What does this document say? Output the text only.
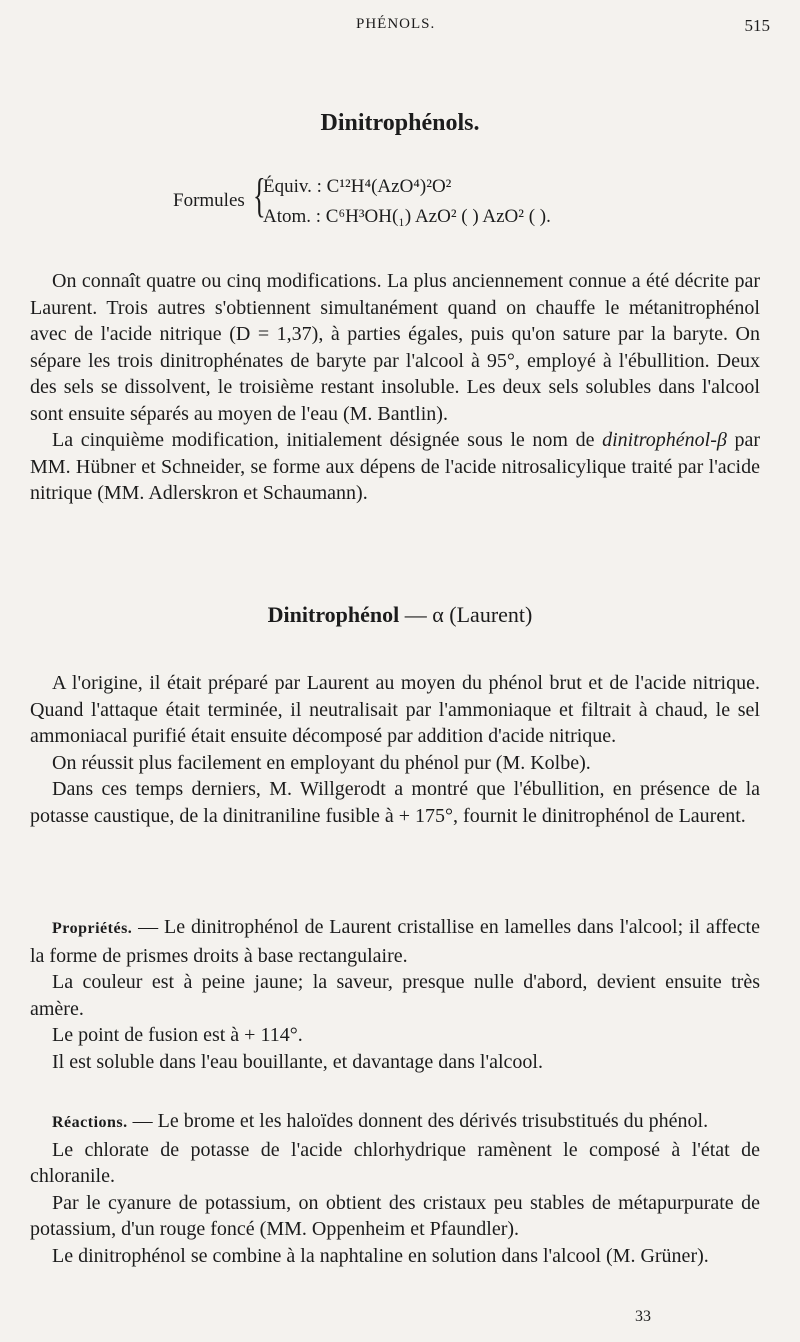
PHÉNOLS.	515
Dinitrophénols.
Formules {
Équiv. : C¹²H⁴(AzO⁴)²O²
Atom. : C⁶H³OH(₁) AzO² ( ) AzO² ( ).

On connaît quatre ou cinq modifications. La plus anciennement connue a été décrite par Laurent. Trois autres s'obtiennent simultanément quand on chauffe le métanitrophénol avec de l'acide nitrique (D = 1,37), à parties égales, puis qu'on sature par la baryte. On sépare les trois dinitrophénates de baryte par l'alcool à 95°, employé à l'ébullition. Deux des sels se dissolvent, le troisième restant insoluble. Les deux sels solubles dans l'alcool sont ensuite séparés au moyen de l'eau (M. Bantlin).

La cinquième modification, initialement désignée sous le nom de dinitrophénol-β par MM. Hübner et Schneider, se forme aux dépens de l'acide nitrosalicylique traité par l'acide nitrique (MM. Adlerskron et Schaumann).

Dinitrophénol — α (Laurent)

A l'origine, il était préparé par Laurent au moyen du phénol brut et de l'acide nitrique. Quand l'attaque était terminée, il neutralisait par l'ammoniaque et filtrait à chaud, le sel ammoniacal purifié était ensuite décomposé par addition d'acide nitrique.

On réussit plus facilement en employant du phénol pur (M. Kolbe).

Dans ces temps derniers, M. Willgerodt a montré que l'ébullition, en présence de la potasse caustique, de la dinitraniline fusible à + 175°, fournit le dinitrophénol de Laurent.

Propriétés. — Le dinitrophénol de Laurent cristallise en lamelles dans l'alcool; il affecte la forme de prismes droits à base rectangulaire.

La couleur est à peine jaune; la saveur, presque nulle d'abord, devient ensuite très amère.

Le point de fusion est à + 114°.

Il est soluble dans l'eau bouillante, et davantage dans l'alcool.

Réactions. — Le brome et les haloïdes donnent des dérivés trisubstitués du phénol.

Le chlorate de potasse de l'acide chlorhydrique ramènent le composé à l'état de chloranile.

Par le cyanure de potassium, on obtient des cristaux peu stables de métapurpurate de potassium, d'un rouge foncé (MM. Oppenheim et Pfaundler).

Le dinitrophénol se combine à la naphtaline en solution dans l'alcool (M. Grüner).

33
